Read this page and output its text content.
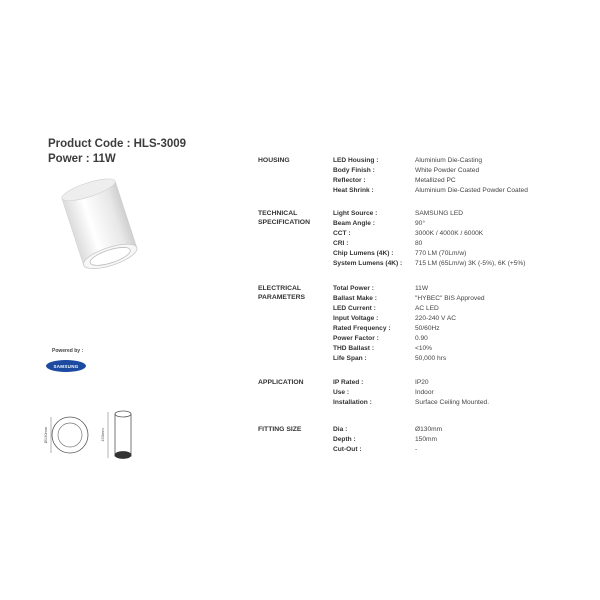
Product Code : HLS-3009
Power : 11W
Powered by :
SAMSUNG
Ø130mm	150mm
HOUSING	LED Housing :	Aluminium Die-Casting
Body Finish :	White Powder Coated
Reflector :	Metallized PC
Heat Shrink :	Aluminium Die-Casted Powder Coated
TECHNICAL
SPECIFICATION
Light Source :	SAMSUNG LED
Beam Angle :	90°
CCT :	3000K / 4000K / 6000K
CRI :	80
Chip Lumens (4K) :	770 LM (70Lm/w)
System Lumens (4K) : 715 LM (65Lm/w) 3K (-5%), 6K (+5%)
ELECTRICAL
PARAMETERS
Total Power :	11W
Ballast Make :	"HYBEC" BIS Approved
LED Current :	AC LED
Input Voltage :	220-240 V AC
Rated Frequency :	50/60Hz
Power Factor :	0.90
THD Ballast :	<10%
Life Span :	50,000 hrs
APPLICATION	IP Rated :	IP20
Use :	Indoor
Installation :	Surface Ceiling Mounted.
FITTING SIZE	Dia :	Ø130mm
Depth :	150mm
Cut-Out :	-
